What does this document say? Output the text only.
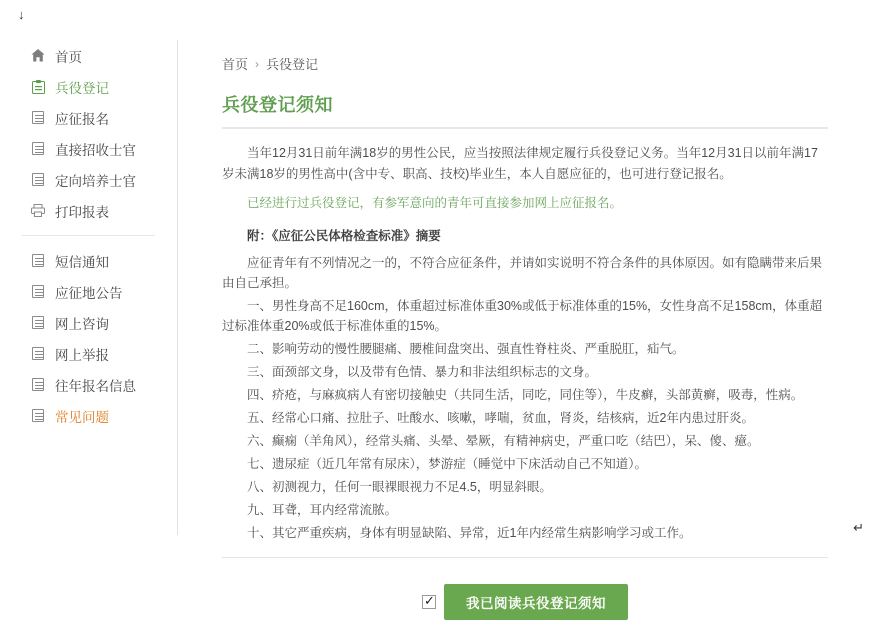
↓
↵
首页
兵役登记
应征报名
直接招收士官
定向培养士官
打印报表
短信通知
应征地公告
网上咨询
网上举报
往年报名信息
常见问题
首页 › 兵役登记
兵役登记须知

当年12月31日前年满18岁的男性公民，应当按照法律规定履行兵役登记义务。当年12月31日以前年满17岁未满18岁的男性高中(含中专、职高、技校)毕业生，本人自愿应征的，也可进行登记报名。

已经进行过兵役登记，有参军意向的青年可直接参加网上应征报名。

附：《应征公民体格检查标准》摘要

应征青年有不列情况之一的，不符合应征条件，并请如实说明不符合条件的具体原因。如有隐瞒带来后果由自己承担。

一、男性身高不足160cm，体重超过标准体重30%或低于标准体重的15%，女性身高不足158cm，体重超过标准体重20%或低于标准体重的15%。

二、影响劳动的慢性腰腿痛、腰椎间盘突出、强直性脊柱炎、严重脱肛，疝气。

三、面颈部文身，以及带有色情、暴力和非法组织标志的文身。

四、疥疮，与麻疯病人有密切接触史（共同生活，同吃，同住等），牛皮癣，头部黄癣，吸毒，性病。

五、经常心口痛、拉肚子、吐酸水、咳嗽，哮喘，贫血，肾炎，结核病，近2年内患过肝炎。

六、癫痫（羊角风），经常头痛、头晕、晕厥，有精神病史，严重口吃（结巴），呆、傻、癔。

七、遗尿症（近几年常有尿床），梦游症（睡觉中下床活动自己不知道）。

八、初测视力，任何一眼裸眼视力不足4.5，明显斜眼。

九、耳聋，耳内经常流脓。

十、其它严重疾病，身体有明显缺陷、异常，近1年内经常生病影响学习或工作。

✓
我已阅读兵役登记须知
